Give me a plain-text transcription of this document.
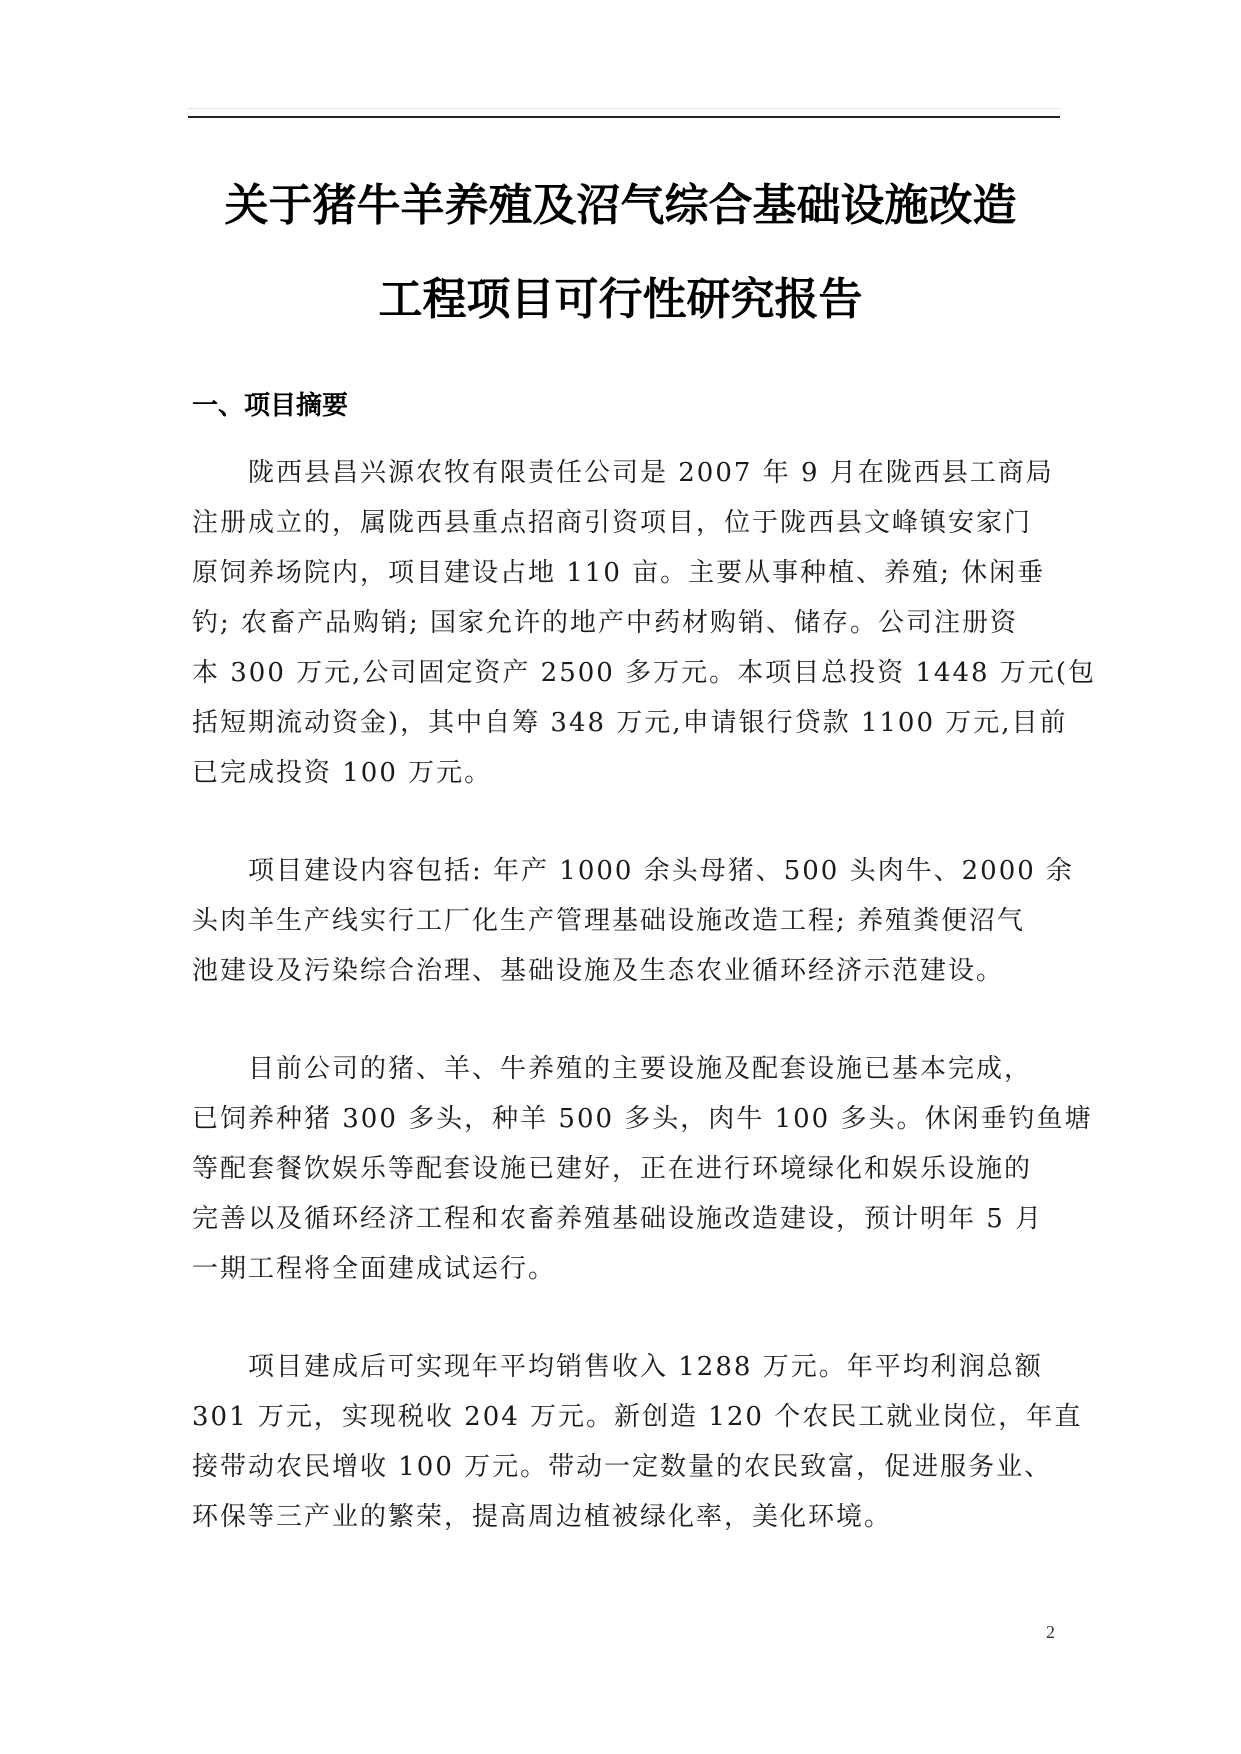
关于猪牛羊养殖及沼气综合基础设施改造
工程项目可行性研究报告
一、项目摘要
陇西县昌兴源农牧有限责任公司是 2007 年 9 月在陇西县工商局
注册成立的，属陇西县重点招商引资项目，位于陇西县文峰镇安家门
原饲养场院内，项目建设占地 110 亩。主要从事种植、养殖; 休闲垂
钓; 农畜产品购销; 国家允许的地产中药材购销、储存。公司注册资
本 300 万元,公司固定资产 2500 多万元。本项目总投资 1448 万元(包
括短期流动资金)，其中自筹 348 万元,申请银行贷款 1100 万元,目前
已完成投资 100 万元。
项目建设内容包括: 年产 1000 余头母猪、500 头肉牛、2000 余
头肉羊生产线实行工厂化生产管理基础设施改造工程; 养殖粪便沼气
池建设及污染综合治理、基础设施及生态农业循环经济示范建设。
目前公司的猪、羊、牛养殖的主要设施及配套设施已基本完成，
已饲养种猪 300 多头，种羊 500 多头，肉牛 100 多头。休闲垂钓鱼塘
等配套餐饮娱乐等配套设施已建好，正在进行环境绿化和娱乐设施的
完善以及循环经济工程和农畜养殖基础设施改造建设，预计明年 5 月
一期工程将全面建成试运行。
项目建成后可实现年平均销售收入 1288 万元。年平均利润总额
301 万元，实现税收 204 万元。新创造 120 个农民工就业岗位，年直
接带动农民增收 100 万元。带动一定数量的农民致富，促进服务业、
环保等三产业的繁荣，提高周边植被绿化率，美化环境。
2
